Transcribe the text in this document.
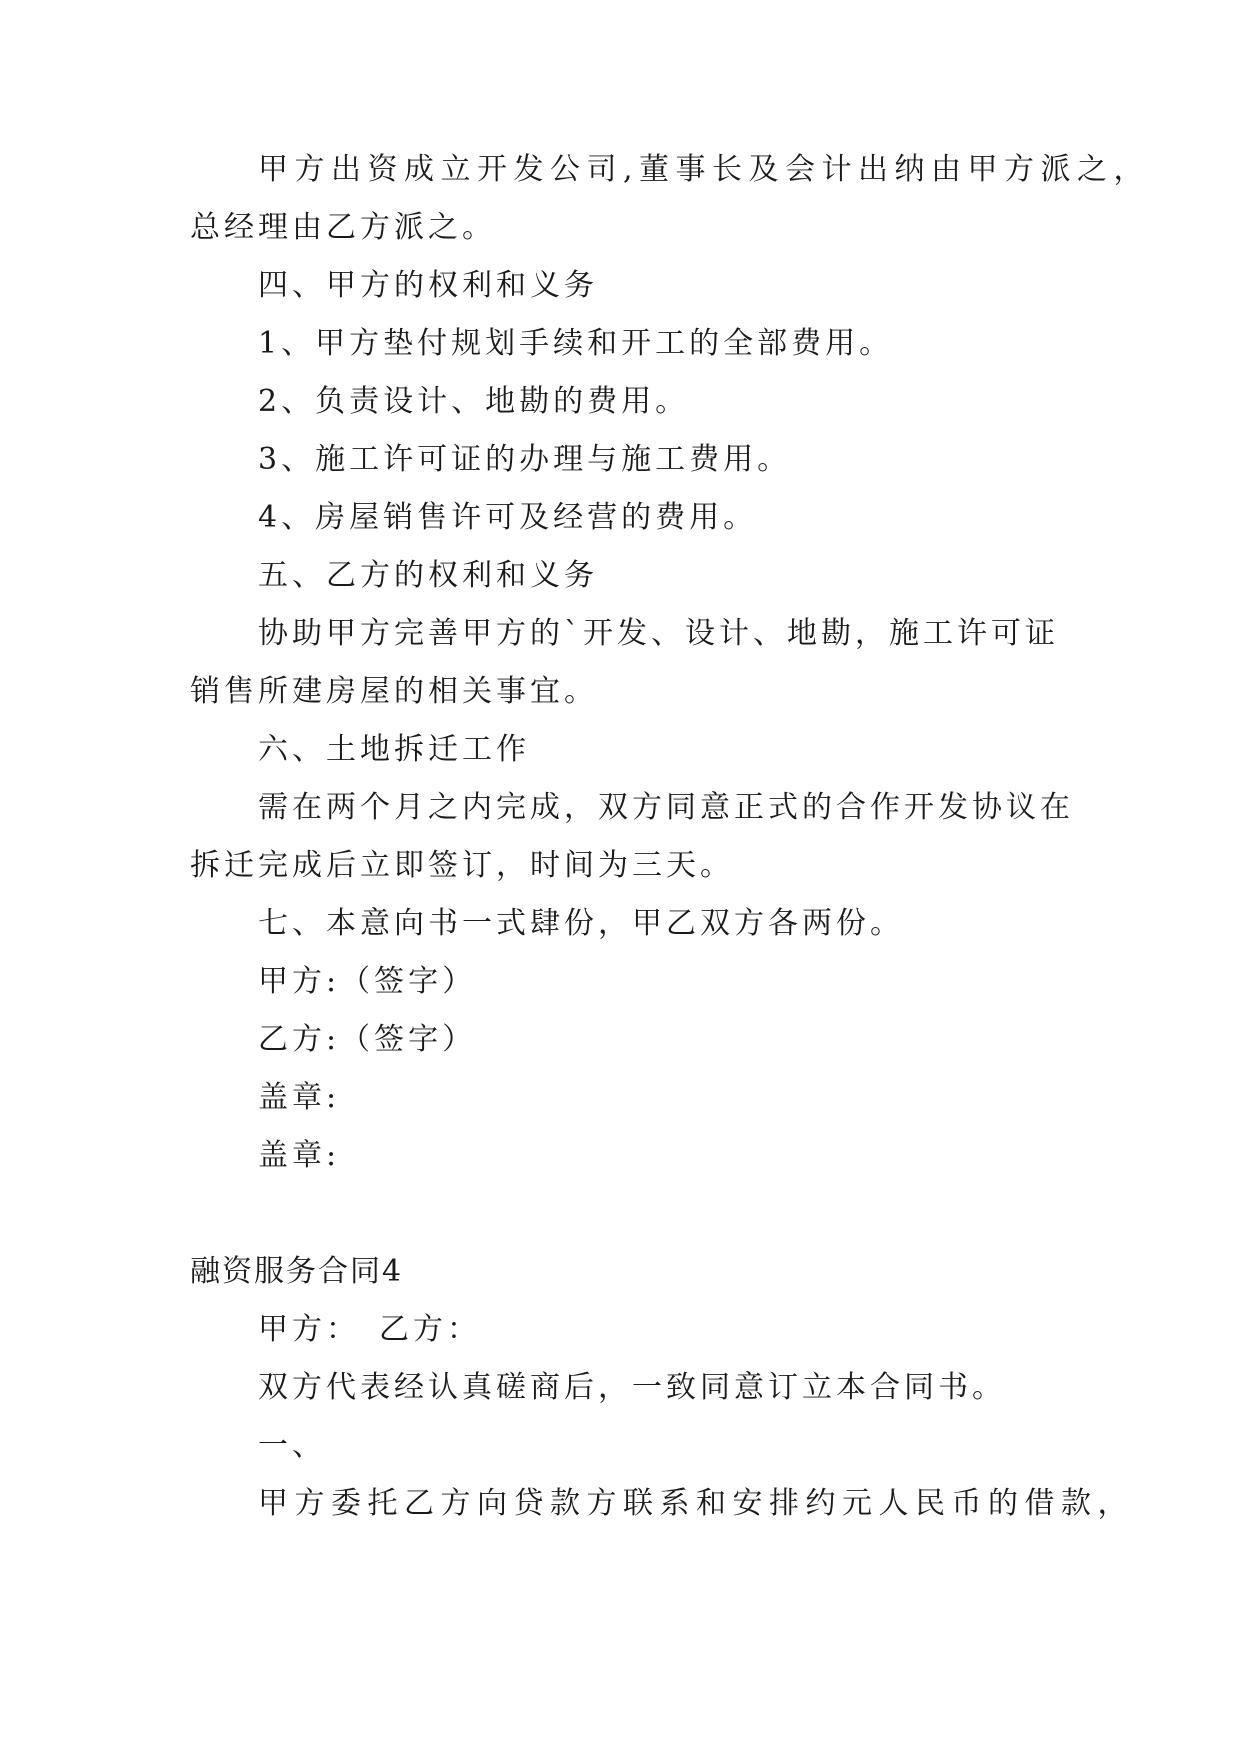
甲方出资成立开发公司,董事长及会计出纳由甲方派之，
总经理由乙方派之。
四、甲方的权利和义务
1、甲方垫付规划手续和开工的全部费用。
2、负责设计、地勘的费用。
3、施工许可证的办理与施工费用。
4、房屋销售许可及经营的费用。
五、乙方的权利和义务
协助甲方完善甲方的`开发、设计、地勘，施工许可证
销售所建房屋的相关事宜。
六、土地拆迁工作
需在两个月之内完成，双方同意正式的合作开发协议在
拆迁完成后立即签订，时间为三天。
七、本意向书一式肆份，甲乙双方各两份。
甲方:（签字）
乙方:（签字）
盖章:
盖章:
融资服务合同4
甲方：　乙方：
双方代表经认真磋商后，一致同意订立本合同书。
一、
甲方委托乙方向贷款方联系和安排约元人民币的借款，
